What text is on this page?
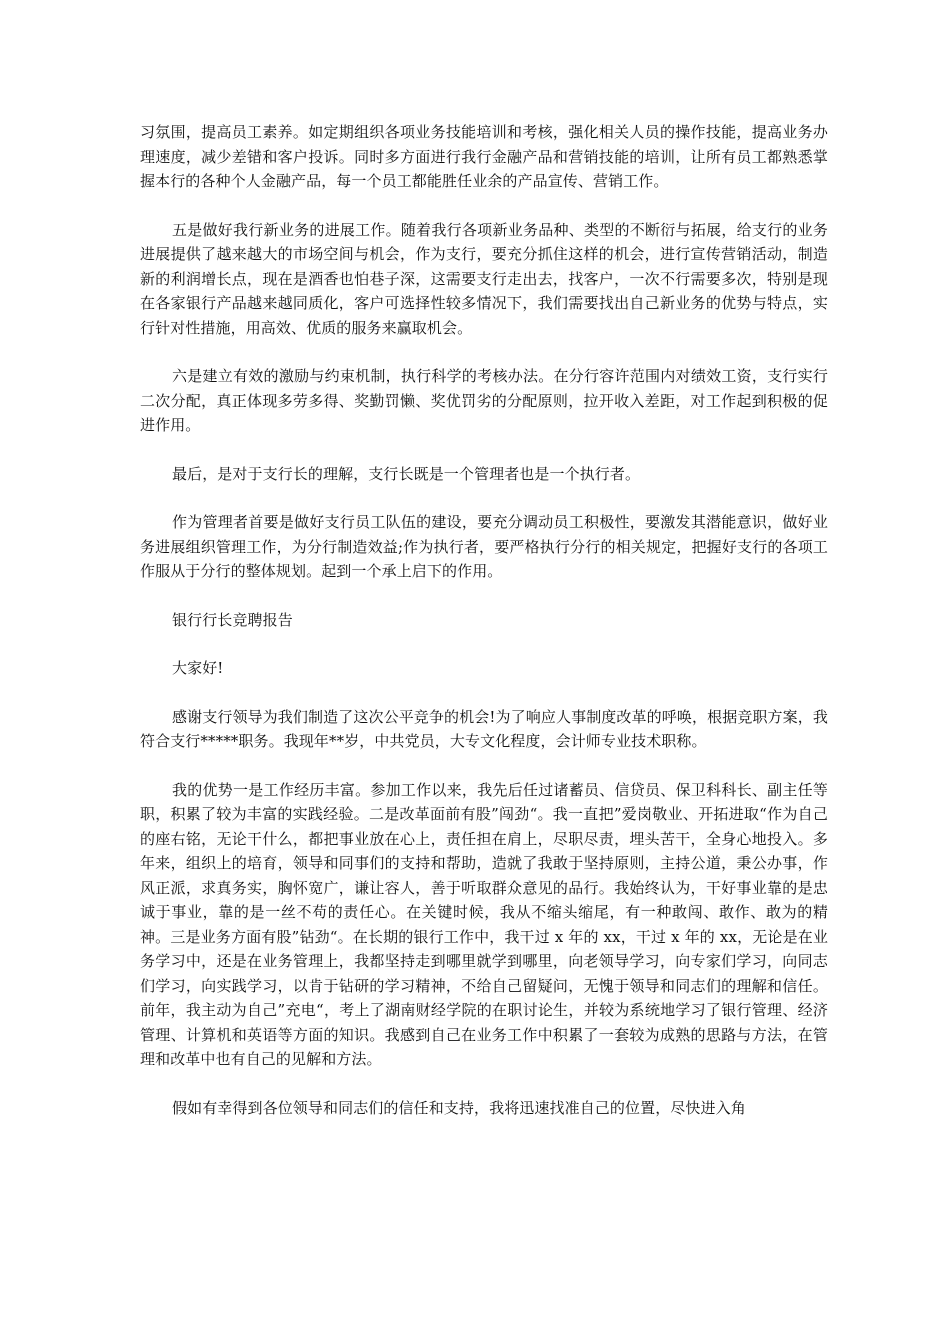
习氛围，提高员工素养。如定期组织各项业务技能培训和考核，强化相关人员的操作技能，提高业务办理速度，减少差错和客户投诉。同时多方面进行我行金融产品和营销技能的培训，让所有员工都熟悉掌握本行的各种个人金融产品，每一个员工都能胜任业余的产品宣传、营销工作。

五是做好我行新业务的进展工作。随着我行各项新业务品种、类型的不断衍与拓展，给支行的业务进展提供了越来越大的市场空间与机会，作为支行，要充分抓住这样的机会，进行宣传营销活动，制造新的利润增长点，现在是酒香也怕巷子深，这需要支行走出去，找客户，一次不行需要多次，特别是现在各家银行产品越来越同质化，客户可选择性较多情况下，我们需要找出自己新业务的优势与特点，实行针对性措施，用高效、优质的服务来赢取机会。

六是建立有效的激励与约束机制，执行科学的考核办法。在分行容许范围内对绩效工资，支行实行二次分配，真正体现多劳多得、奖勤罚懒、奖优罚劣的分配原则，拉开收入差距，对工作起到积极的促进作用。

最后，是对于支行长的理解，支行长既是一个管理者也是一个执行者。

作为管理者首要是做好支行员工队伍的建设，要充分调动员工积极性，要激发其潜能意识，做好业务进展组织管理工作，为分行制造效益;作为执行者，要严格执行分行的相关规定，把握好支行的各项工作服从于分行的整体规划。起到一个承上启下的作用。

银行行长竞聘报告

大家好!

感谢支行领导为我们制造了这次公平竞争的机会!为了响应人事制度改革的呼唤，根据竞职方案，我符合支行*****职务。我现年**岁，中共党员，大专文化程度，会计师专业技术职称。

我的优势一是工作经历丰富。参加工作以来，我先后任过诸蓄员、信贷员、保卫科科长、副主任等职，积累了较为丰富的实践经验。二是改革面前有股”闯劲“。我一直把”爱岗敬业、开拓进取“作为自己的座右铭，无论干什么，都把事业放在心上，责任担在肩上，尽职尽责，埋头苦干，全身心地投入。多年来，组织上的培育，领导和同事们的支持和帮助，造就了我敢于坚持原则，主持公道，秉公办事，作风正派，求真务实，胸怀宽广，谦让容人，善于听取群众意见的品行。我始终认为，干好事业靠的是忠诚于事业，靠的是一丝不苟的责任心。在关键时候，我从不缩头缩尾，有一种敢闯、敢作、敢为的精神。三是业务方面有股”钻劲“。在长期的银行工作中，我干过 x 年的 xx，干过 x 年的 xx，无论是在业务学习中，还是在业务管理上，我都坚持走到哪里就学到哪里，向老领导学习，向专家们学习，向同志们学习，向实践学习，以肯于钻研的学习精神，不给自己留疑问，无愧于领导和同志们的理解和信任。前年，我主动为自己”充电“，考上了湖南财经学院的在职讨论生，并较为系统地学习了银行管理、经济管理、计算机和英语等方面的知识。我感到自己在业务工作中积累了一套较为成熟的思路与方法，在管理和改革中也有自己的见解和方法。

假如有幸得到各位领导和同志们的信任和支持，我将迅速找准自己的位置，尽快进入角
